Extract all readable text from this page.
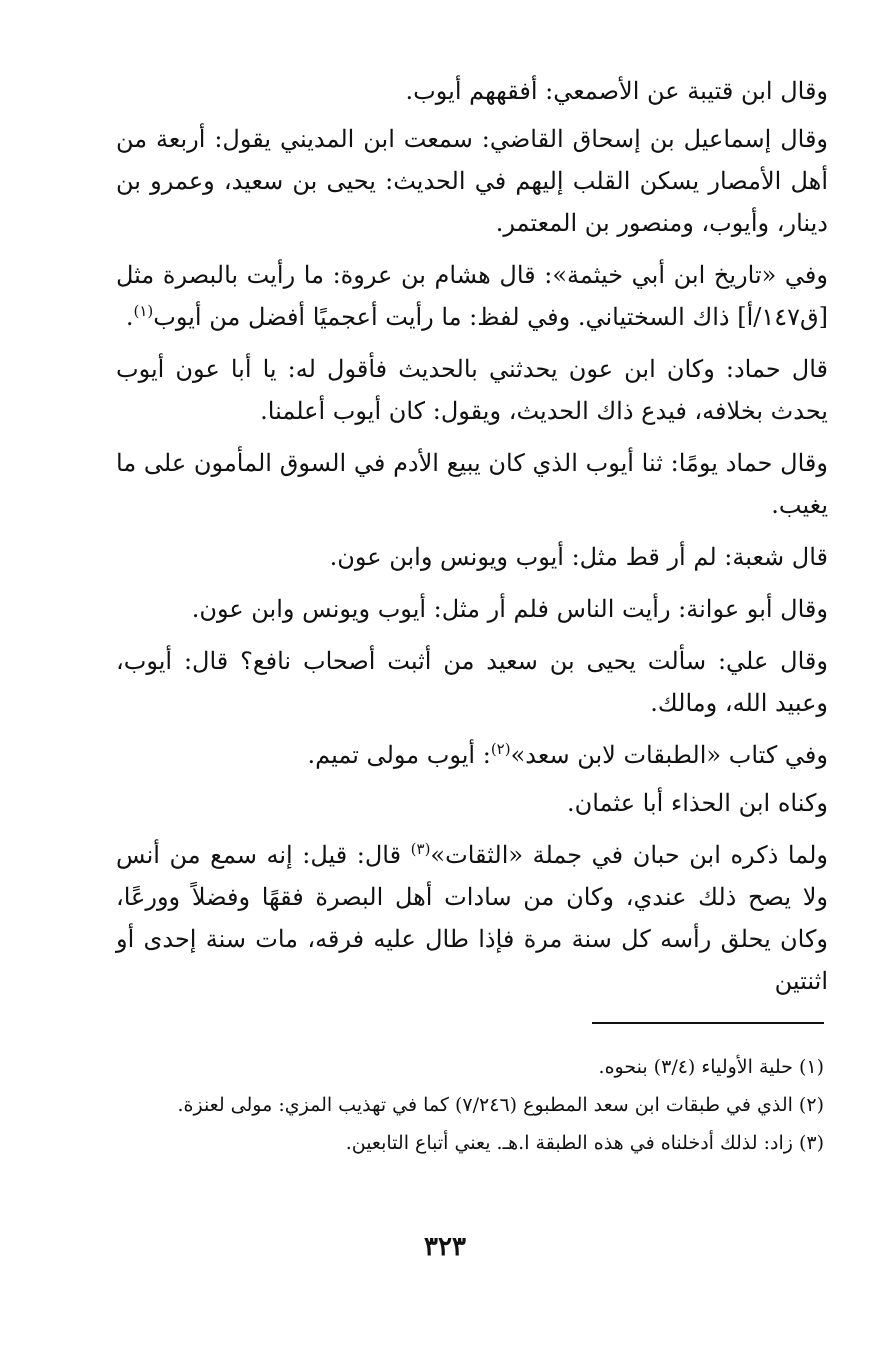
وقال ابن قتيبة عن الأصمعي: أفقههم أيوب.

وقال إسماعيل بن إسحاق القاضي: سمعت ابن المديني يقول: أربعة من أهل الأمصار يسكن القلب إليهم في الحديث: يحيى بن سعيد، وعمرو بن دينار، وأيوب، ومنصور بن المعتمر.

وفي «تاريخ ابن أبي خيثمة»: قال هشام بن عروة: ما رأيت بالبصرة مثل [ق١٤٧/أ] ذاك السختياني. وفي لفظ: ما رأيت أعجميًا أفضل من أيوب$^{(١)}$.

قال حماد: وكان ابن عون يحدثني بالحديث فأقول له: يا أبا عون أيوب يحدث بخلافه، فيدع ذاك الحديث، ويقول: كان أيوب أعلمنا.

وقال حماد يومًا: ثنا أيوب الذي كان يبيع الأدم في السوق المأمون على ما يغيب.

قال شعبة: لم أر قط مثل: أيوب ويونس وابن عون.

وقال أبو عوانة: رأيت الناس فلم أر مثل: أيوب ويونس وابن عون.

وقال علي: سألت يحيى بن سعيد من أثبت أصحاب نافع؟ قال: أيوب، وعبيد الله، ومالك.

وفي كتاب «الطبقات لابن سعد»$^{(٢)}$: أيوب مولى تميم.

وكناه ابن الحذاء أبا عثمان.

ولما ذكره ابن حبان في جملة «الثقات»$^{(٣)}$ قال: قيل: إنه سمع من أنس ولا يصح ذلك عندي، وكان من سادات أهل البصرة فقهًا وفضلاً وورعًا، وكان يحلق رأسه كل سنة مرة فإذا طال عليه فرقه، مات سنة إحدى أو اثنتين

(١) حلية الأولياء (٣/٤) بنحوه.

(٢) الذي في طبقات ابن سعد المطبوع (٧/٢٤٦) كما في تهذيب المزي: مولى لعنزة.

(٣) زاد: لذلك أدخلناه في هذه الطبقة ا.هـ. يعني أتباع التابعين.

٣٢٣
